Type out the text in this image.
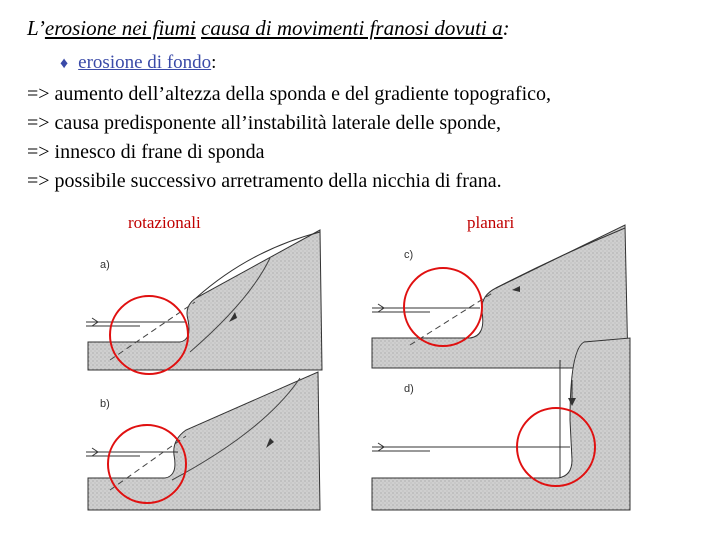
L’erosione nei fiumi causa di movimenti franosi dovuti a:
♦ erosione di fondo:
=> aumento dell’altezza della sponda e del gradiente topografico,
=> causa predisponente all’instabilità laterale delle sponde,
=> innesco di frane di sponda
=> possibile successivo arretramento della nicchia di frana.
rotazionali	planari
a)
b)
c)
d)
